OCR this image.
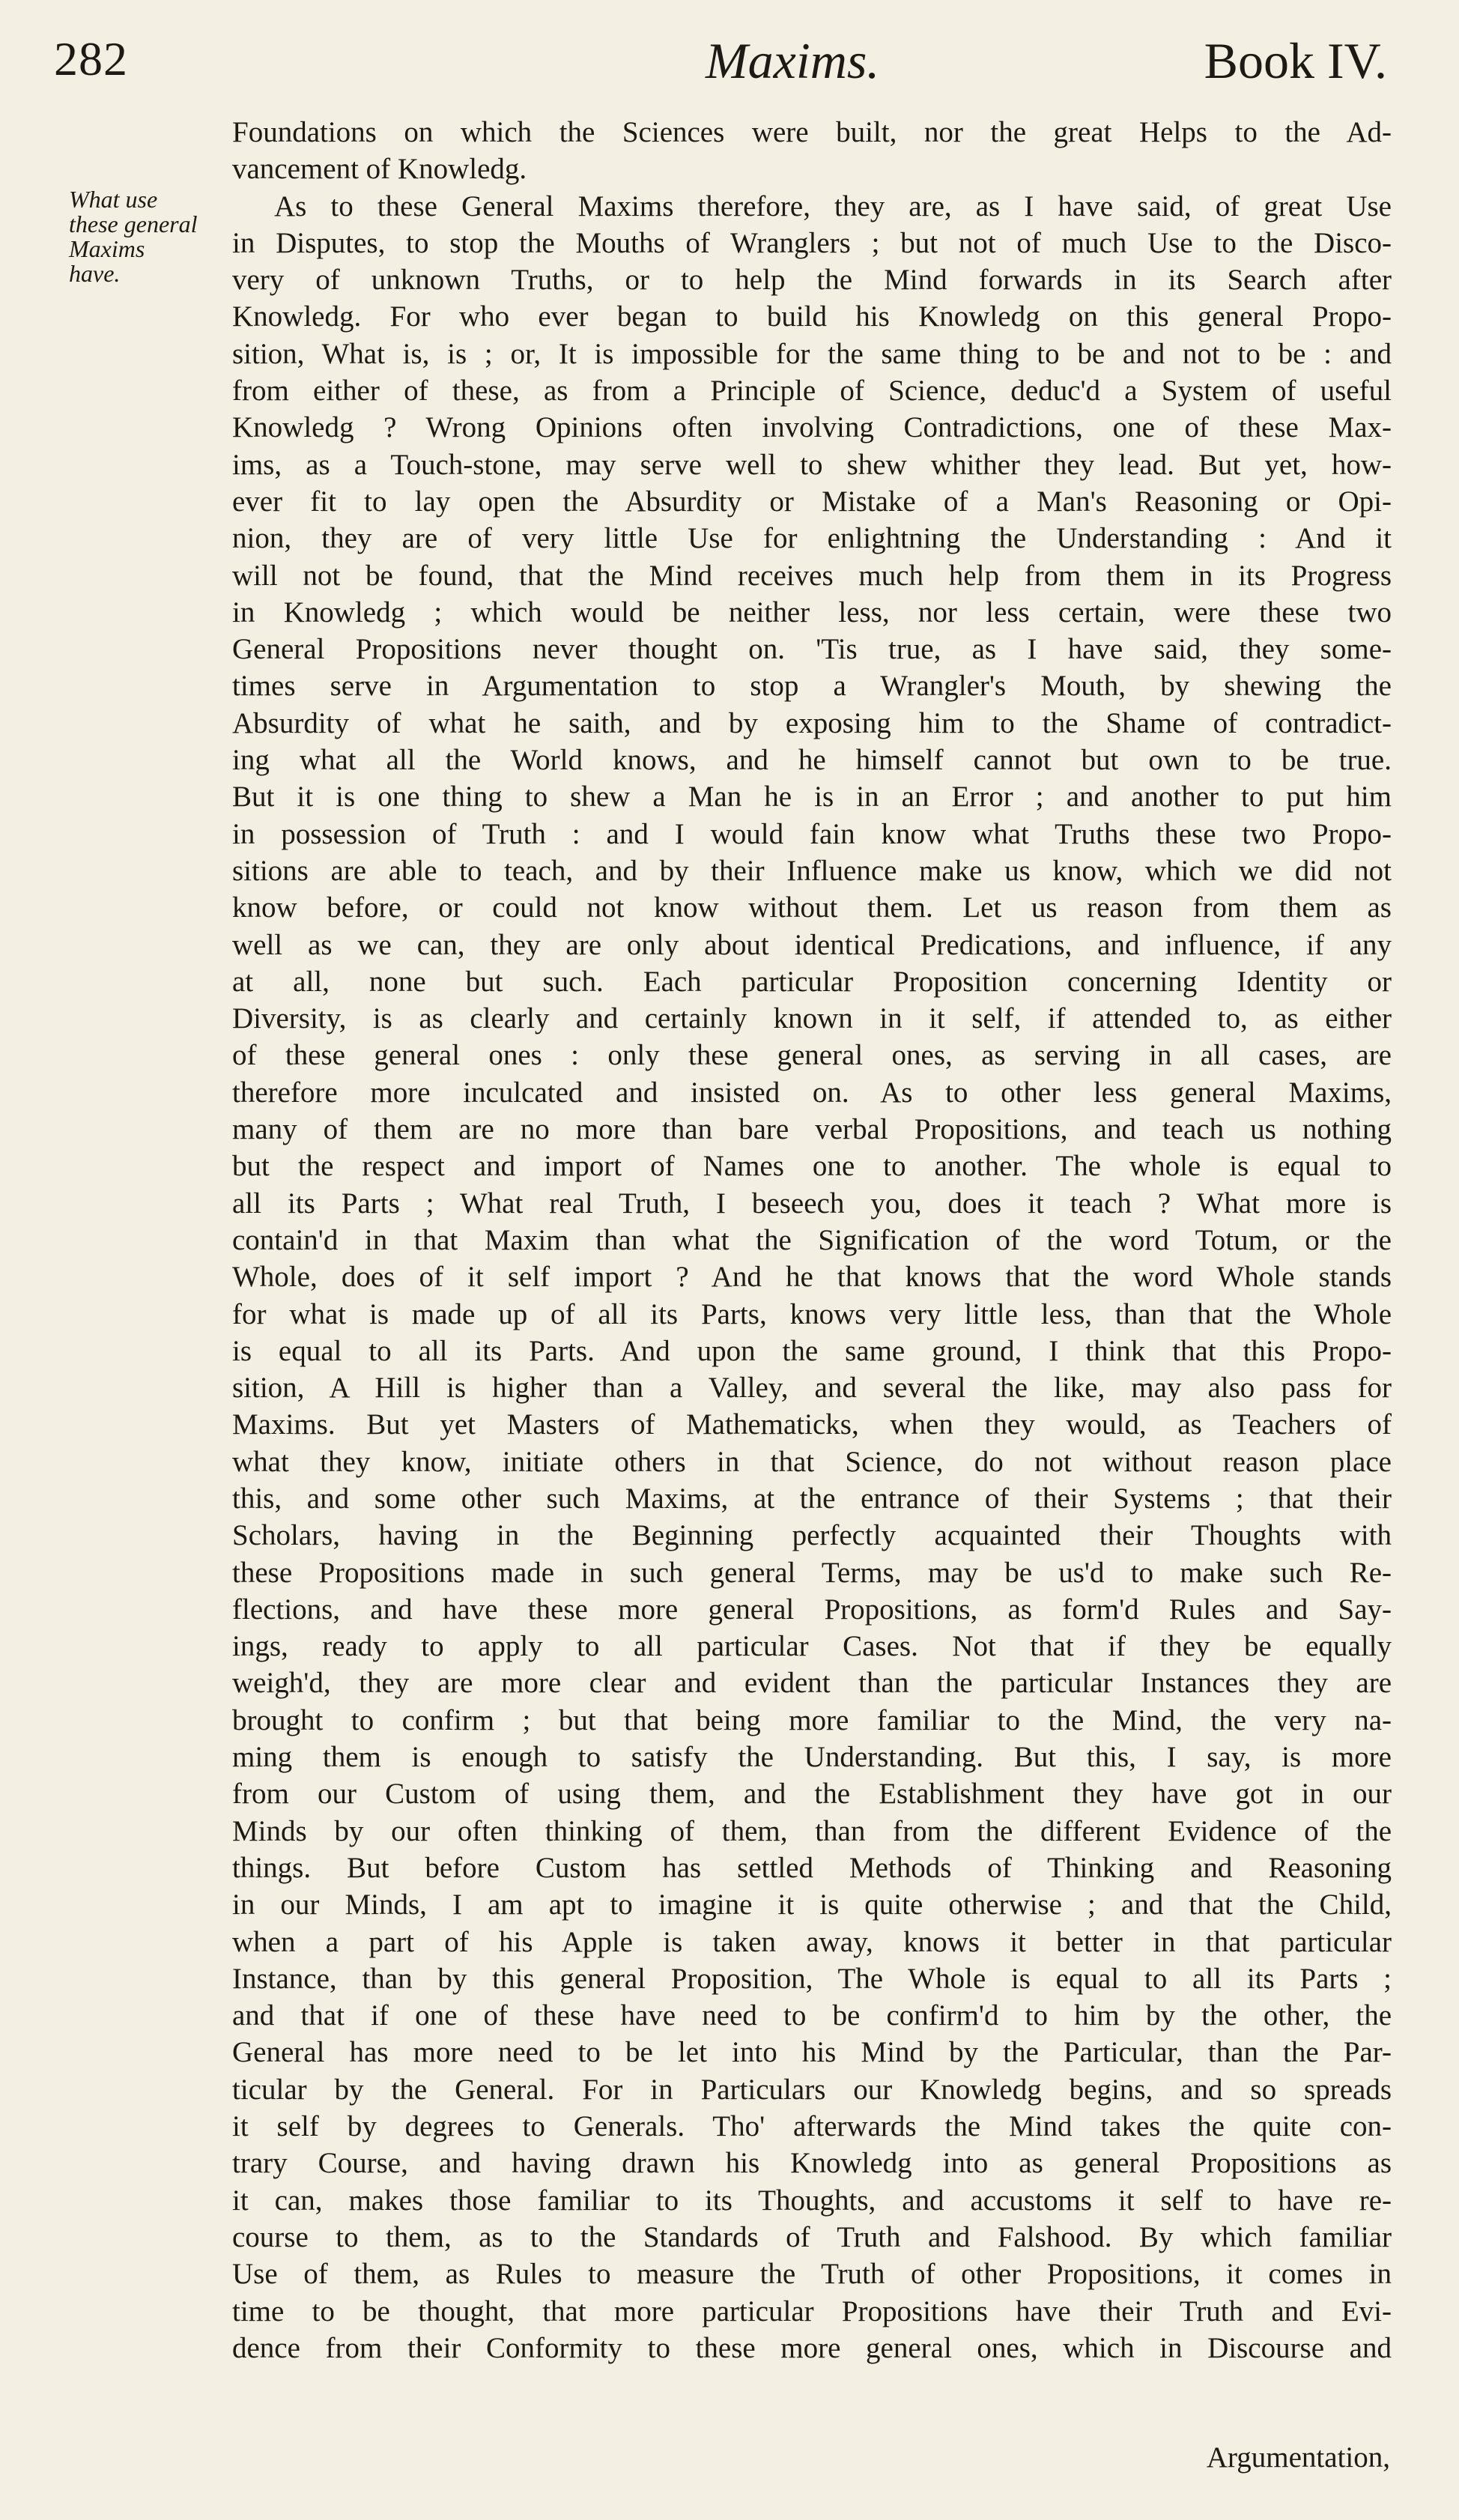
282	Maxims.	Book IV.
What use
these general
Maxims
have.
Foundations on which the Sciences were built, nor the great Helps to the Ad-
vancement of Knowledg.
As to these General Maxims therefore, they are, as I have said, of great Use
in Disputes, to stop the Mouths of Wranglers ; but not of much Use to the Disco-
very of unknown Truths, or to help the Mind forwards in its Search after
Knowledg. For who ever began to build his Knowledg on this general Propo-
sition, What is, is ; or, It is impossible for the same thing to be and not to be : and
from either of these, as from a Principle of Science, deduc'd a System of useful
Knowledg ? Wrong Opinions often involving Contradictions, one of these Max-
ims, as a Touch-stone, may serve well to shew whither they lead. But yet, how-
ever fit to lay open the Absurdity or Mistake of a Man's Reasoning or Opi-
nion, they are of very little Use for enlightning the Understanding : And it
will not be found, that the Mind receives much help from them in its Progress
in Knowledg ; which would be neither less, nor less certain, were these two
General Propositions never thought on. 'Tis true, as I have said, they some-
times serve in Argumentation to stop a Wrangler's Mouth, by shewing the
Absurdity of what he saith, and by exposing him to the Shame of contradict-
ing what all the World knows, and he himself cannot but own to be true.
But it is one thing to shew a Man he is in an Error ; and another to put him
in possession of Truth : and I would fain know what Truths these two Propo-
sitions are able to teach, and by their Influence make us know, which we did not
know before, or could not know without them. Let us reason from them as
well as we can, they are only about identical Predications, and influence, if any
at all, none but such. Each particular Proposition concerning Identity or
Diversity, is as clearly and certainly known in it self, if attended to, as either
of these general ones : only these general ones, as serving in all cases, are
therefore more inculcated and insisted on. As to other less general Maxims,
many of them are no more than bare verbal Propositions, and teach us nothing
but the respect and import of Names one to another. The whole is equal to
all its Parts ; What real Truth, I beseech you, does it teach ? What more is
contain'd in that Maxim than what the Signification of the word Totum, or the
Whole, does of it self import ? And he that knows that the word Whole stands
for what is made up of all its Parts, knows very little less, than that the Whole
is equal to all its Parts. And upon the same ground, I think that this Propo-
sition, A Hill is higher than a Valley, and several the like, may also pass for
Maxims. But yet Masters of Mathematicks, when they would, as Teachers of
what they know, initiate others in that Science, do not without reason place
this, and some other such Maxims, at the entrance of their Systems ; that their
Scholars, having in the Beginning perfectly acquainted their Thoughts with
these Propositions made in such general Terms, may be us'd to make such Re-
flections, and have these more general Propositions, as form'd Rules and Say-
ings, ready to apply to all particular Cases. Not that if they be equally
weigh'd, they are more clear and evident than the particular Instances they are
brought to confirm ; but that being more familiar to the Mind, the very na-
ming them is enough to satisfy the Understanding. But this, I say, is more
from our Custom of using them, and the Establishment they have got in our
Minds by our often thinking of them, than from the different Evidence of the
things. But before Custom has settled Methods of Thinking and Reasoning
in our Minds, I am apt to imagine it is quite otherwise ; and that the Child,
when a part of his Apple is taken away, knows it better in that particular
Instance, than by this general Proposition, The Whole is equal to all its Parts ;
and that if one of these have need to be confirm'd to him by the other, the
General has more need to be let into his Mind by the Particular, than the Par-
ticular by the General. For in Particulars our Knowledg begins, and so spreads
it self by degrees to Generals. Tho' afterwards the Mind takes the quite con-
trary Course, and having drawn his Knowledg into as general Propositions as
it can, makes those familiar to its Thoughts, and accustoms it self to have re-
course to them, as to the Standards of Truth and Falshood. By which familiar
Use of them, as Rules to measure the Truth of other Propositions, it comes in
time to be thought, that more particular Propositions have their Truth and Evi-
dence from their Conformity to these more general ones, which in Discourse and
Argumentation,
